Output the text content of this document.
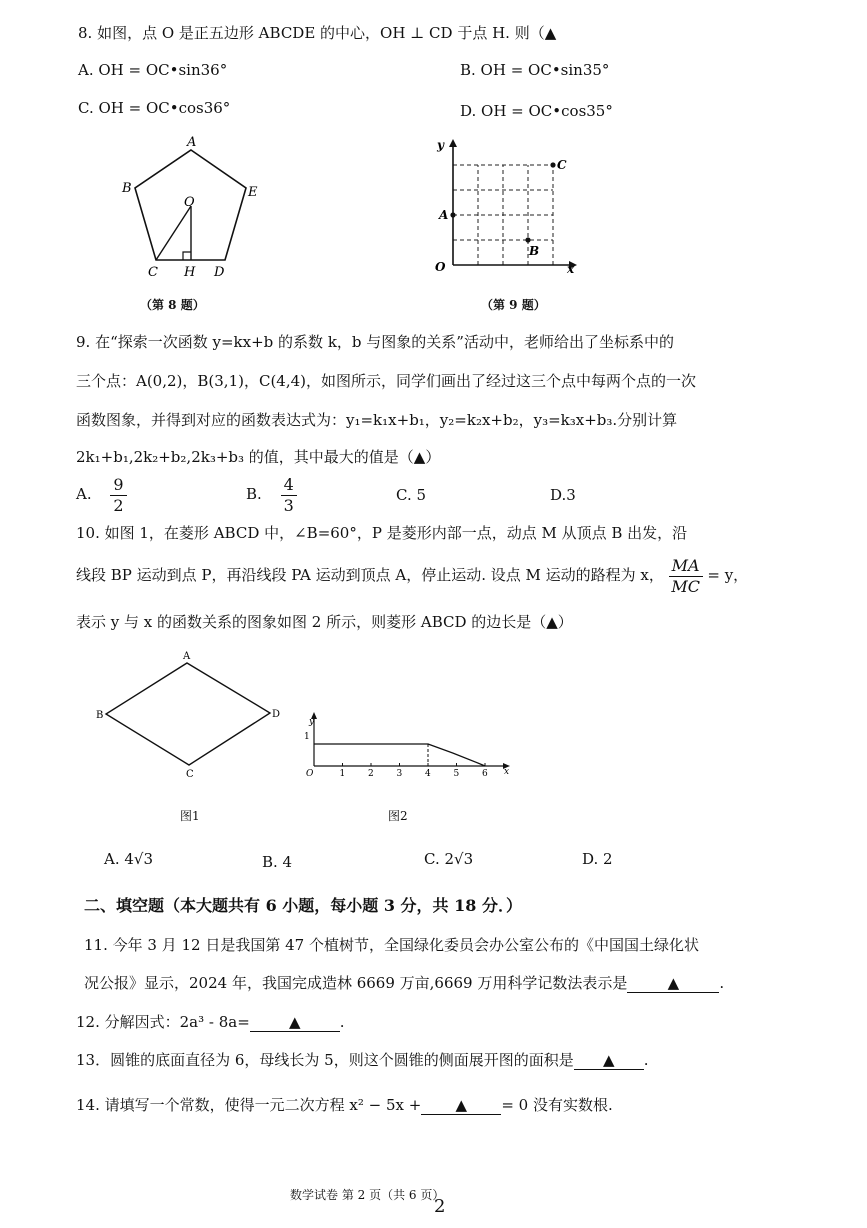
8. 如图，点 O 是正五边形 ABCDE 的中心，OH ⊥ CD 于点 H. 则（▲
A. OH = OC•sin36°	B. OH = OC•sin35°
C. OH = OC•cos36°	D. OH = OC•cos35°
A
B	E
O
C H D
（第 8 题）
y
x
O
A
B
C
（第 9 题）
9. 在“探索一次函数 y=kx+b 的系数 k，b 与图象的关系”活动中，老师给出了坐标系中的
三个点：A(0,2)，B(3,1)，C(4,4)，如图所示，同学们画出了经过这三个点中每两个点的一次
函数图象，并得到对应的函数表达式为：y₁=k₁x+b₁，y₂=k₂x+b₂，y₃=k₃x+b₃.分别计算
2k₁+b₁,2k₂+b₂,2k₃+b₃ 的值，其中最大的值是（▲）
A. $\frac{9}{2}$	B. $\frac{4}{3}$	C. 5	D.3
10. 如图 1，在菱形 ABCD 中，∠B=60°，P 是菱形内部一点，动点 M 从顶点 B 出发，沿
线段 BP 运动到点 P，再沿线段 PA 运动到顶点 A，停止运动. 设点 M 运动的路程为 x， $\frac{MA}{MC} = y$，
表示 y 与 x 的函数关系的图象如图 2 所示，则菱形 ABCD 的边长是（▲）
A
B
C
D
图1
y
1
O	x
1	2	3	4	5	6
图2
A. 4√3	B. 4	C. 2√3	D. 2
二、填空题（本大题共有 6 小题，每小题 3 分，共 18 分．）
11. 今年 3 月 12 日是我国第 47 个植树节，全国绿化委员会办公室公布的《中国国土绿化状
况公报》显示，2024 年，我国完成造林 6669 万亩,6669 万用科学记数法表示是	▲	.
12. 分解因式：2a³ - 8a=	▲	.
13．圆锥的底面直径为 6，母线长为 5，则这个圆锥的侧面展开图的面积是 ▲ .
14. 请填写一个常数，使得一元二次方程 x² − 5x + ▲ = 0 没有实数根.
数学试卷 第 2 页（共 6 页）
2
